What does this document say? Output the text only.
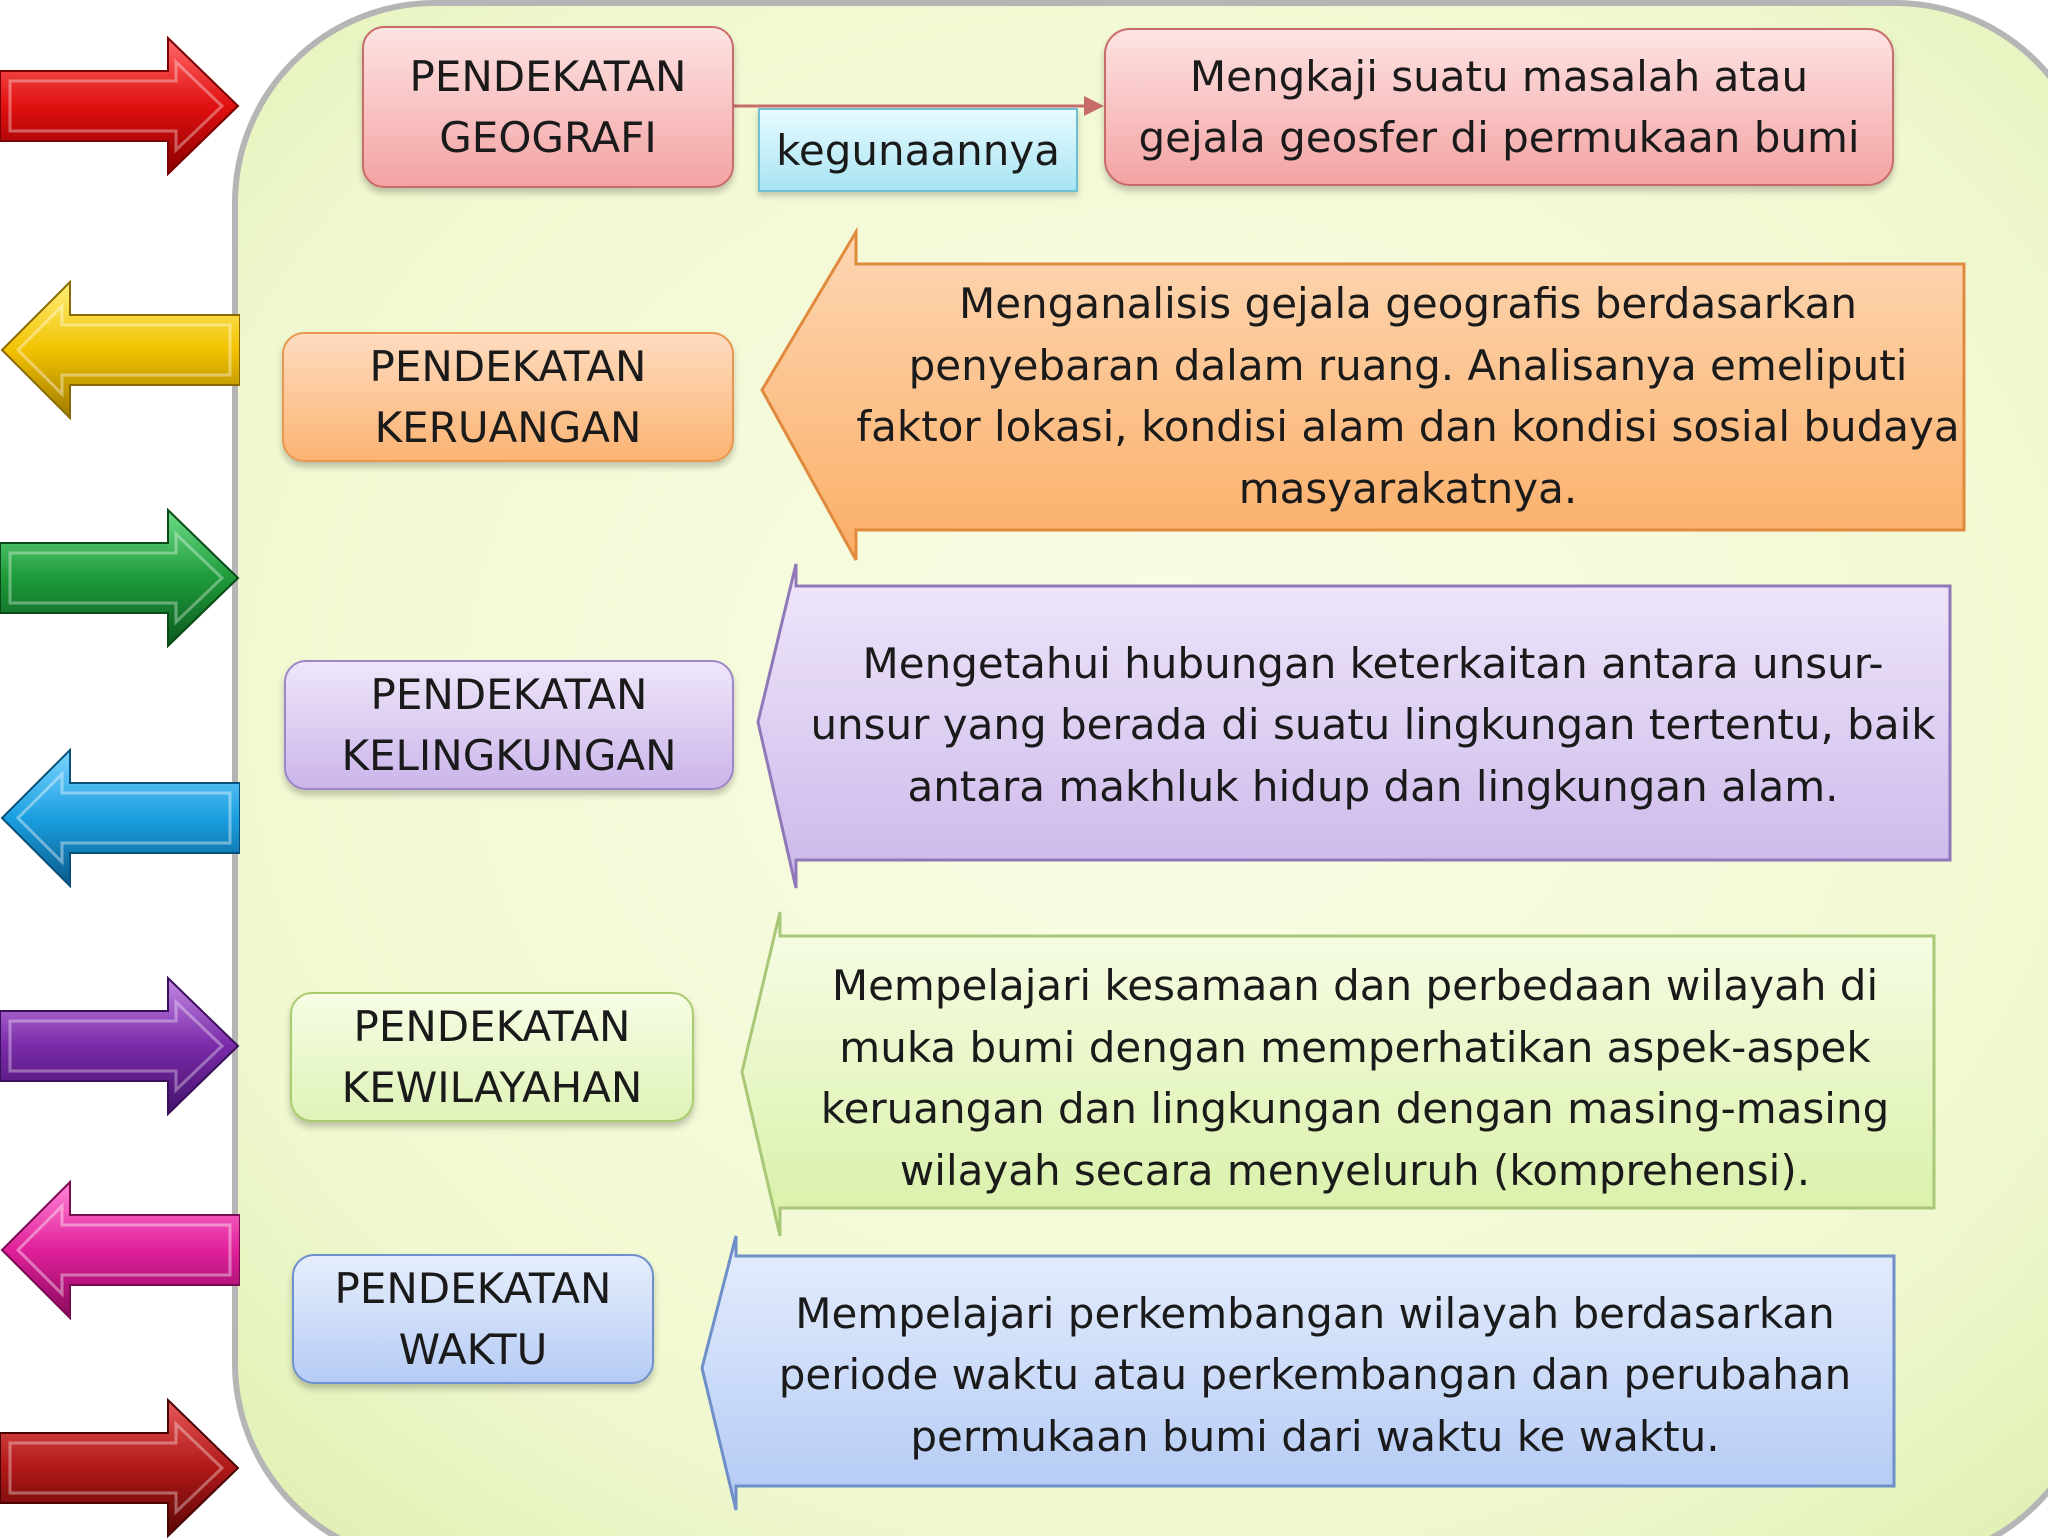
PENDEKATAN
GEOGRAFI	kegunaannya
Mengkaji suatu masalah atau
gejala geosfer di permukaan bumi
PENDEKATAN
KERUANGAN
Menganalisis gejala geografis berdasarkan
penyebaran dalam ruang. Analisanya emeliputi
faktor lokasi, kondisi alam dan kondisi sosial budaya
masyarakatnya.
PENDEKATAN
KELINGKUNGAN
Mengetahui hubungan keterkaitan antara unsur-
unsur yang berada di suatu lingkungan tertentu, baik
antara makhluk hidup dan lingkungan alam.
PENDEKATAN
KEWILAYAHAN
Mempelajari kesamaan dan perbedaan wilayah di
muka bumi dengan memperhatikan aspek-aspek
keruangan dan lingkungan dengan masing-masing
wilayah secara menyeluruh (komprehensi).
PENDEKATAN
WAKTU
Mempelajari perkembangan wilayah berdasarkan
periode waktu atau perkembangan dan perubahan
permukaan bumi dari waktu ke waktu.
